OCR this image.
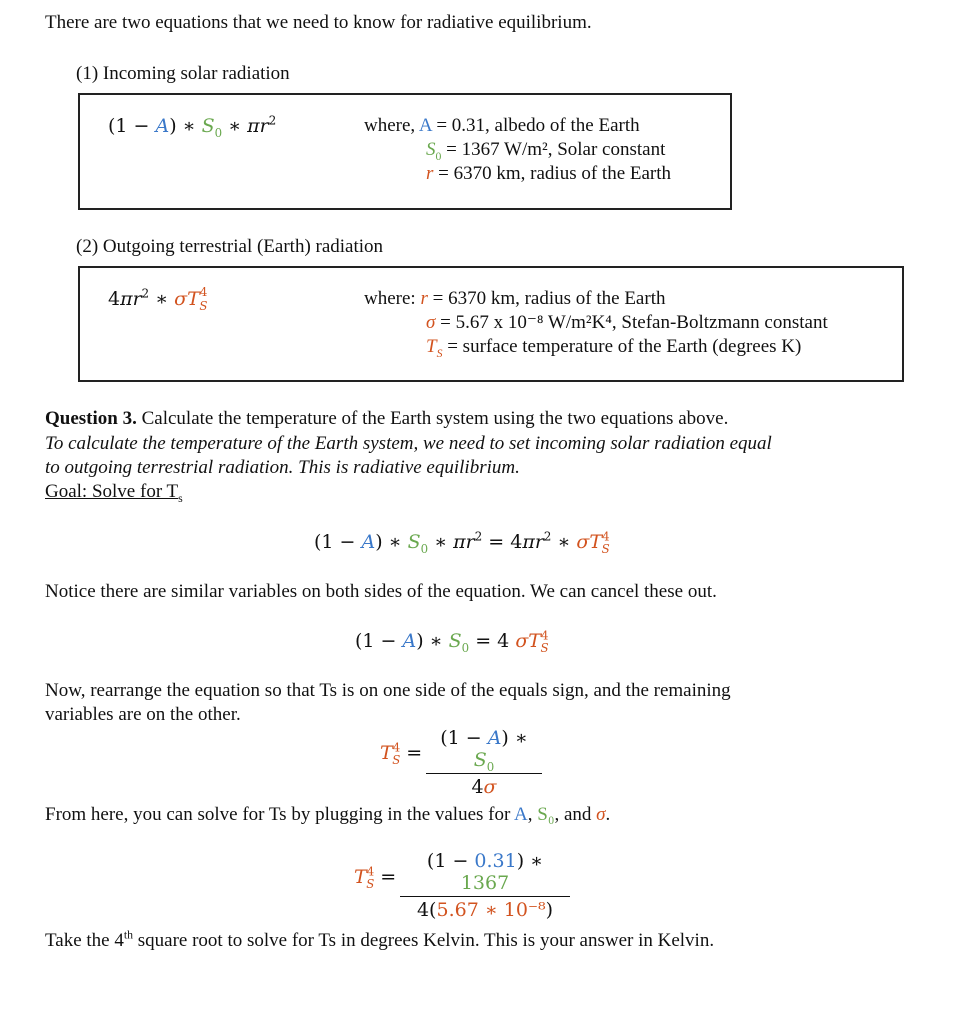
There are two equations that we need to know for radiative equilibrium.
(1) Incoming solar radiation
(1 − A) ∗ $S_0$ ∗ $\pi r^2$	where, A = 0.31, albedo of the Earth
$S_0 = 1367$ W/m², Solar constant
r = 6370 km, radius of the Earth
(2) Outgoing terrestrial (Earth) radiation
$4\pi r^2$ ∗ $\sigma T^4_S$	where: r = 6370 km, radius of the Earth
σ = 5.67 x 10⁻⁸ W/m²K⁴, Stefan-Boltzmann constant
$T_S$ = surface temperature of the Earth (degrees K)
Question 3. Calculate the temperature of the Earth system using the two equations above.
To calculate the temperature of the Earth system, we need to set incoming solar radiation equal
to outgoing terrestrial radiation. This is radiative equilibrium.
Goal: Solve for $T_s$
(1 − A) ∗ $S_0$ ∗ $\pi r^2 = 4\pi r^2$ ∗ $\sigma T^4_S$
Notice there are similar variables on both sides of the equation. We can cancel these out.
(1 − A) ∗ $S_0 = 4$ $\sigma T^4_S$
Now, rearrange the equation so that Ts is on one side of the equals sign, and the remaining
variables are on the other.
$T^4_S$ =
(1 − A) ∗ $S_0$
4σ
From here, you can solve for Ts by plugging in the values for A, S₀, and σ.
$T^4_S$ =
(1 − 0.31) ∗ 1367
4(5.67 ∗ 10⁻⁸)
Take the 4th square root to solve for Ts in degrees Kelvin. This is your answer in Kelvin.
